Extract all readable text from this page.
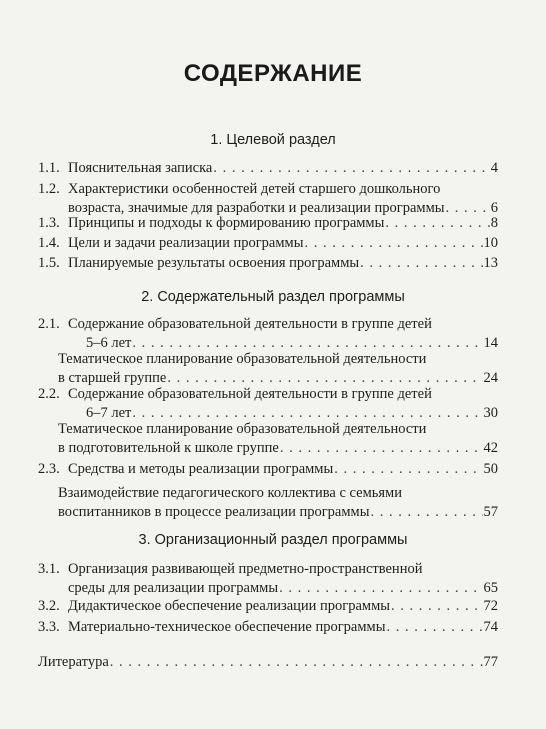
СОДЕРЖАНИЕ
1. Целевой раздел
1.1. Пояснительная записка . . .	4
1.2. Характеристики особенностей детей старшего дошкольного
возраста, значимые для разработки и реализации программы . . .	6
1.3. Принципы и подходы к формированию программы . . .	8
1.4. Цели и задачи реализации программы . . .	10
1.5. Планируемые результаты освоения программы . . .	13
2. Содержательный раздел программы
2.1. Содержание образовательной деятельности в группе детей
5–6 лет . . .	14
Тематическое планирование образовательной деятельности
в старшей группе . . .	24
2.2. Содержание образовательной деятельности в группе детей
6–7 лет . . .	30
Тематическое планирование образовательной деятельности
в подготовительной к школе группе . . .	42
2.3. Средства и методы реализации программы . . .	50
Взаимодействие педагогического коллектива с семьями
воспитанников в процессе реализации программы . . .	57
3. Организационный раздел программы
3.1. Организация развивающей предметно-пространственной
среды для реализации программы . . .	65
3.2. Дидактическое обеспечение реализации программы . . .	72
3.3. Материально-техническое обеспечение программы . . .	74
Литература . . .	77
